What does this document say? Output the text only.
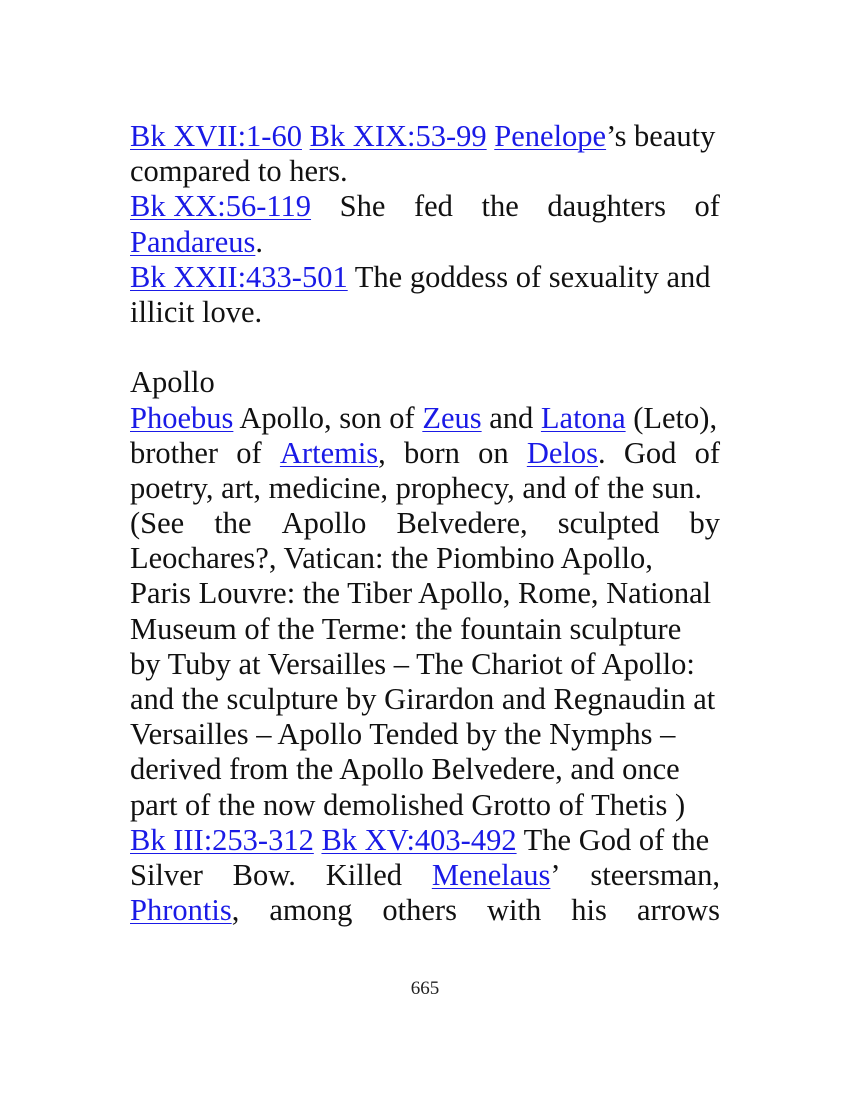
Bk XVII:1-60 Bk XIX:53-99 Penelope’s beauty
compared to hers.
Bk XX:56-119 She fed the daughters of
Pandareus.
Bk XXII:433-501 The goddess of sexuality and
illicit love.
Apollo
Phoebus Apollo, son of Zeus and Latona (Leto),
brother of Artemis, born on Delos. God of
poetry, art, medicine, prophecy, and of the sun.
(See the Apollo Belvedere, sculpted by
Leochares?, Vatican: the Piombino Apollo,
Paris Louvre: the Tiber Apollo, Rome, National
Museum of the Terme: the fountain sculpture
by Tuby at Versailles – The Chariot of Apollo:
and the sculpture by Girardon and Regnaudin at
Versailles – Apollo Tended by the Nymphs –
derived from the Apollo Belvedere, and once
part of the now demolished Grotto of Thetis )
Bk III:253-312 Bk XV:403-492 The God of the
Silver Bow. Killed Menelaus’ steersman,
Phrontis, among others with his arrows
665
